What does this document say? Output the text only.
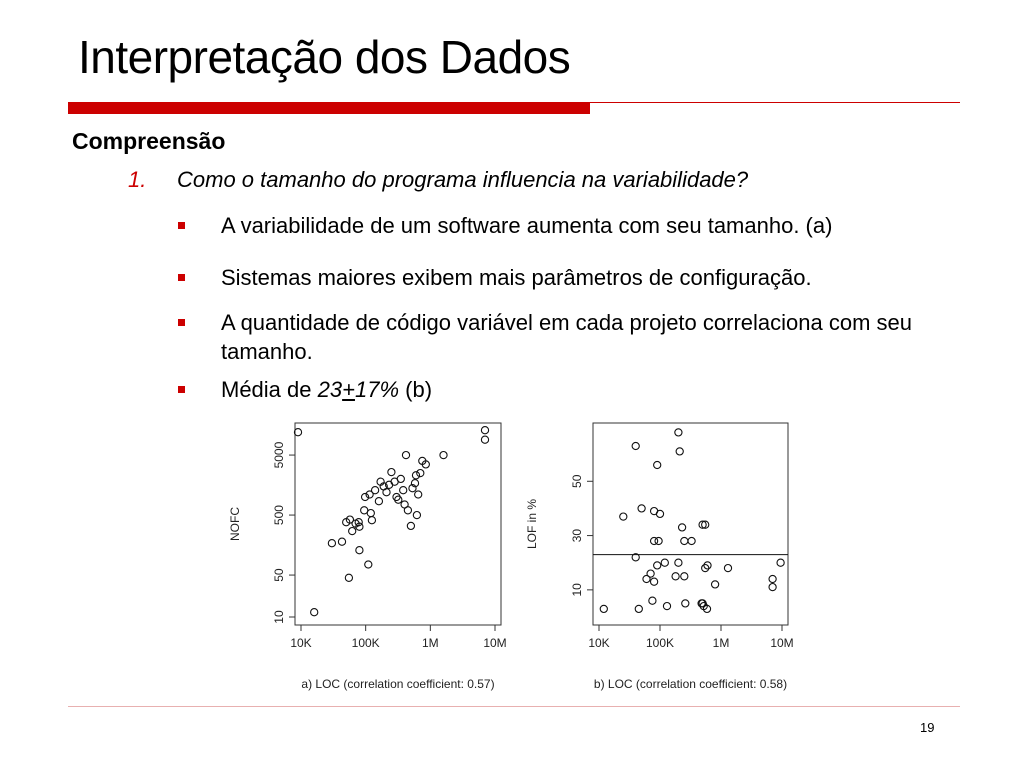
Interpretação dos Dados
Compreensão
1. Como o tamanho do programa influencia na variabilidade?
A variabilidade de um software aumenta com seu tamanho. (a)
Sistemas maiores exibem mais parâmetros de configuração.
A quantidade de código variável em cada projeto correlaciona com seu tamanho.
Média de 23+17% (b)
10K	100K	1M	10M
10
50
500
5000
NOFC
a) LOC (correlation coefficient: 0.57)
10K	100K	1M	10M
10
30
50
LOF in %
b) LOC (correlation coefficient: 0.58)
19
